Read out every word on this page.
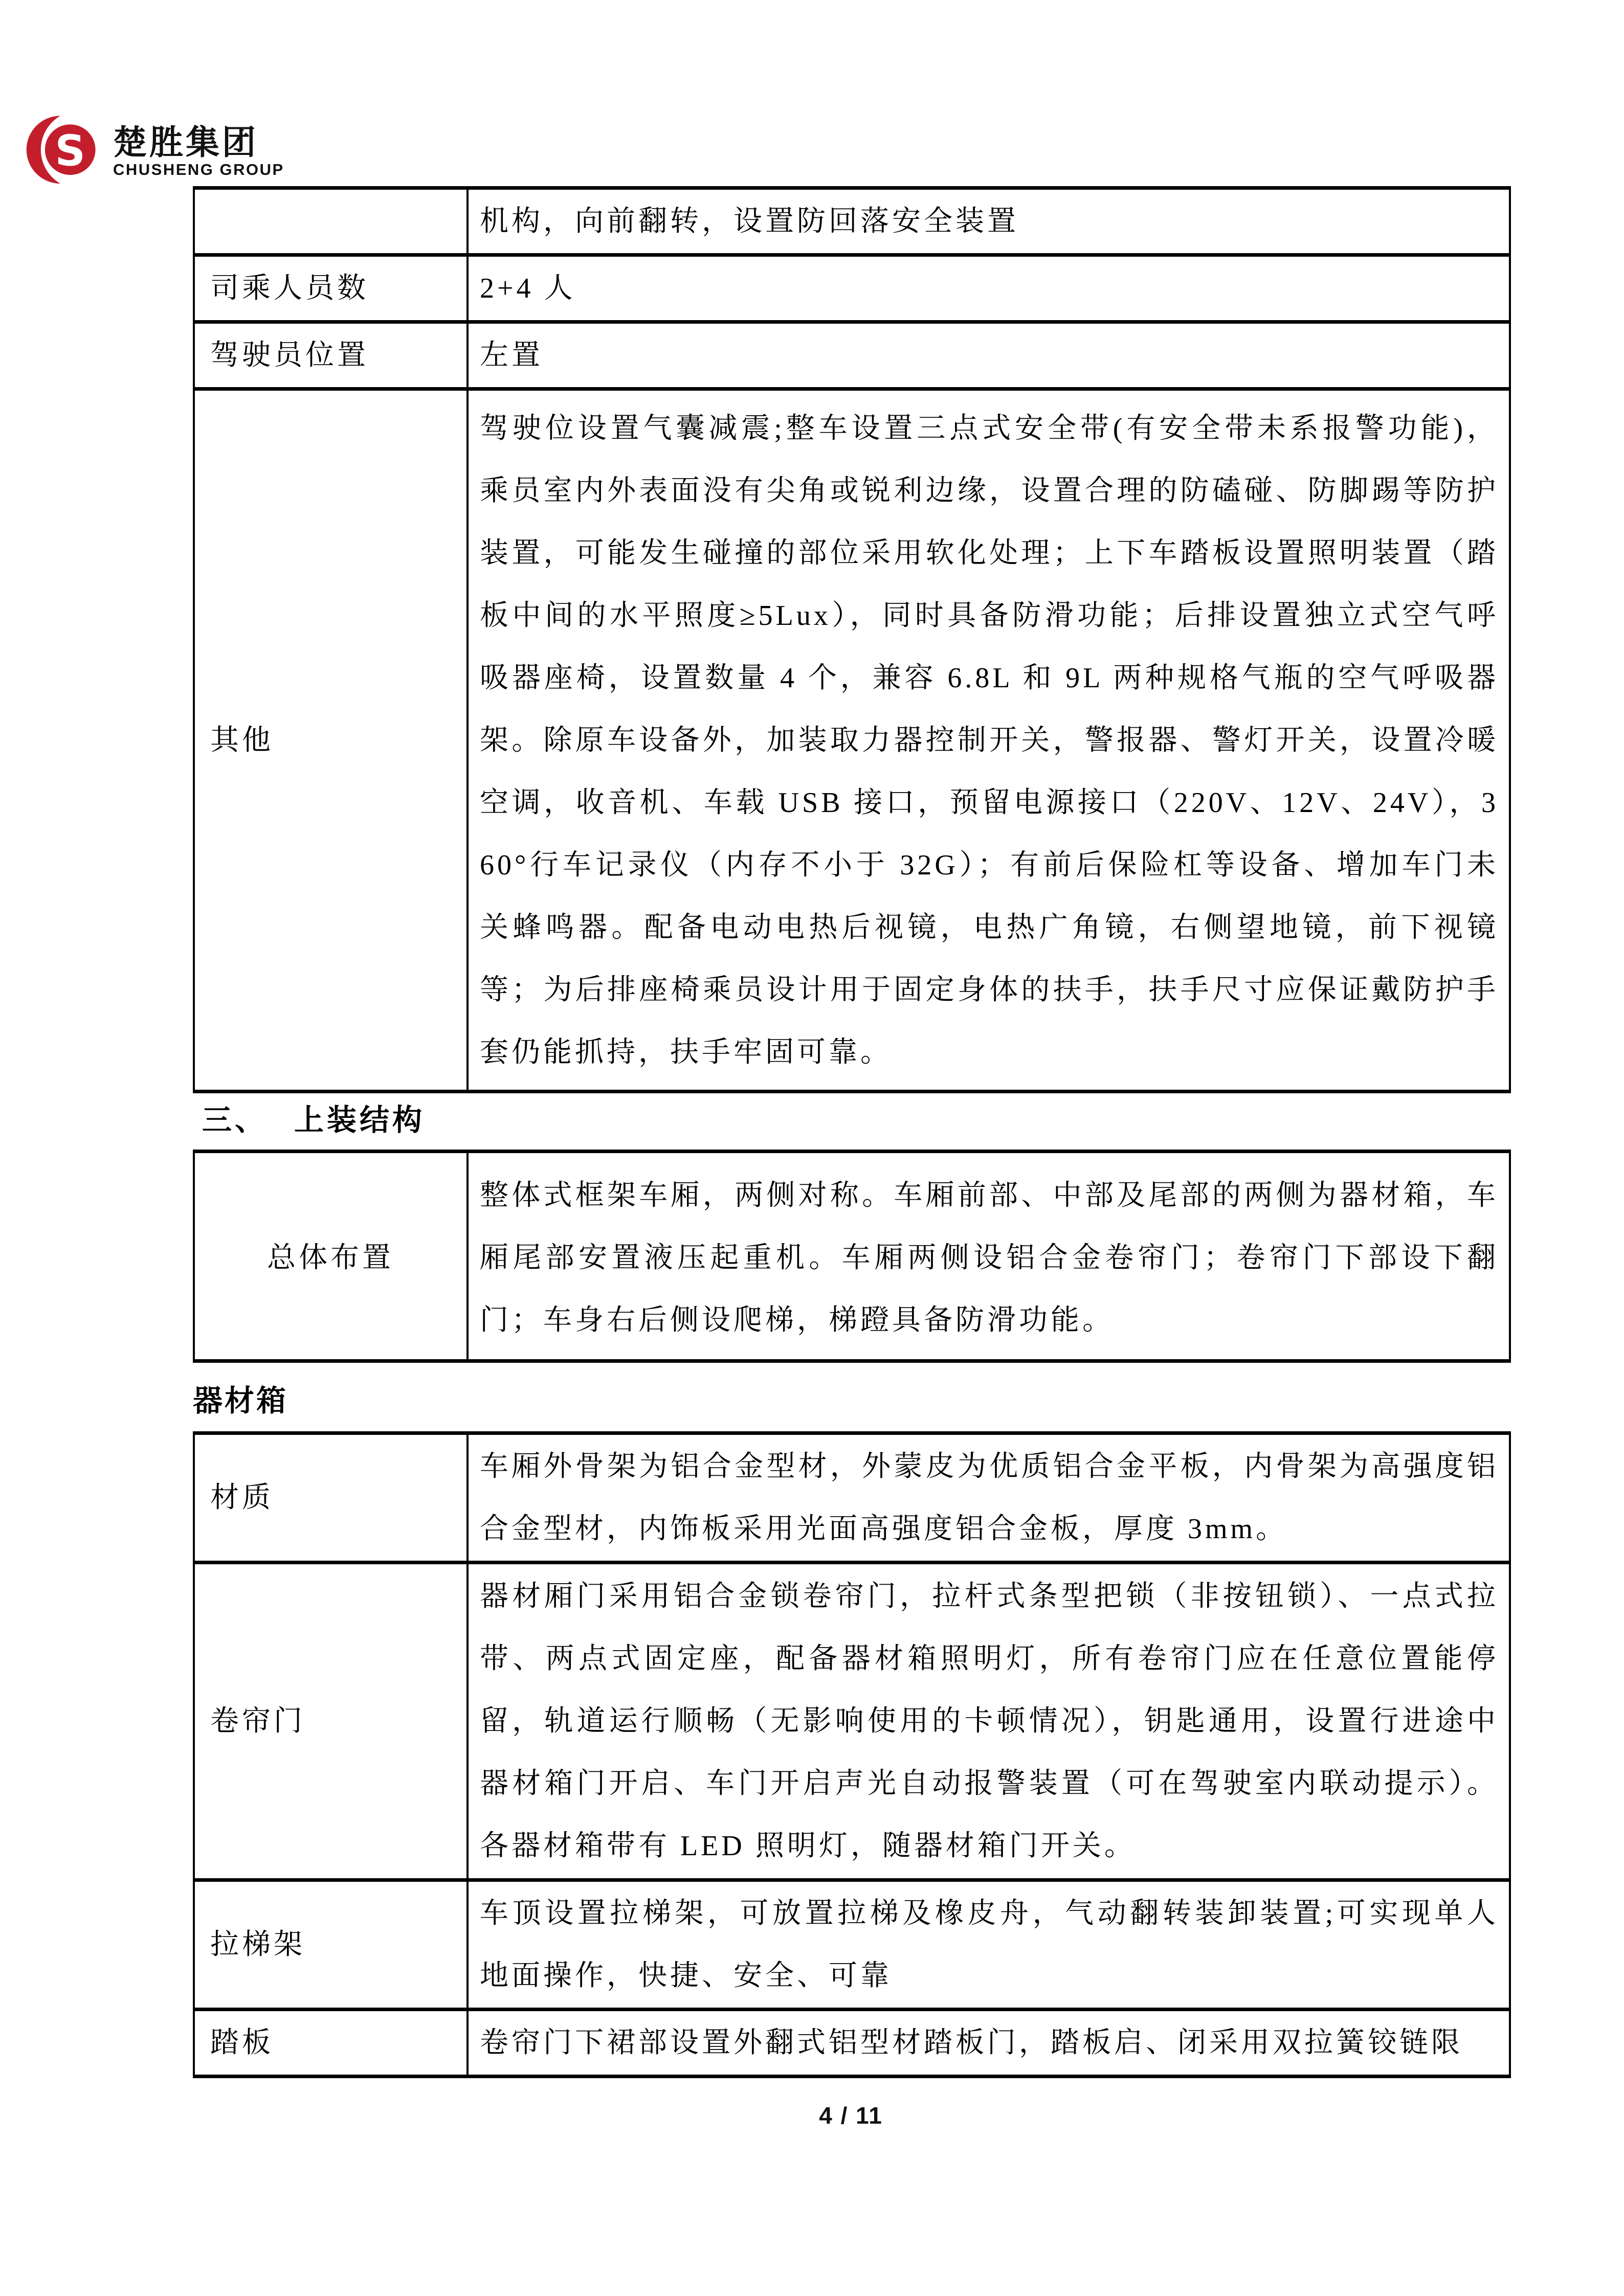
S 楚胜集团
CHUSHENG GROUP
	机构，向前翻转，设置防回落安全装置
司乘人员数	2+4 人
驾驶员位置	左置
其他	驾驶位设置气囊减震;整车设置三点式安全带(有安全带未系报警功能)，乘员室内外表面没有尖角或锐利边缘，设置合理的防磕碰、防脚踢等防护装置，可能发生碰撞的部位采用软化处理；上下车踏板设置照明装置（踏板中间的水平照度≥5Lux），同时具备防滑功能；后排设置独立式空气呼吸器座椅，设置数量 4 个，兼容 6.8L 和 9L 两种规格气瓶的空气呼吸器架。除原车设备外，加装取力器控制开关，警报器、警灯开关，设置冷暖空调，收音机、车载 USB 接口，预留电源接口（220V、12V、24V），360°行车记录仪（内存不小于 32G）；有前后保险杠等设备、增加车门未关蜂鸣器。配备电动电热后视镜，电热广角镜，右侧望地镜，前下视镜等；为后排座椅乘员设计用于固定身体的扶手，扶手尺寸应保证戴防护手套仍能抓持，扶手牢固可靠。
三、 上装结构
总体布置	整体式框架车厢，两侧对称。车厢前部、中部及尾部的两侧为器材箱，车厢尾部安置液压起重机。车厢两侧设铝合金卷帘门；卷帘门下部设下翻门；车身右后侧设爬梯，梯蹬具备防滑功能。
器材箱
材质	车厢外骨架为铝合金型材，外蒙皮为优质铝合金平板，内骨架为高强度铝合金型材，内饰板采用光面高强度铝合金板，厚度 3mm。
卷帘门	器材厢门采用铝合金锁卷帘门，拉杆式条型把锁（非按钮锁）、一点式拉带、两点式固定座，配备器材箱照明灯，所有卷帘门应在任意位置能停留，轨道运行顺畅（无影响使用的卡顿情况），钥匙通用，设置行进途中器材箱门开启、车门开启声光自动报警装置（可在驾驶室内联动提示）。各器材箱带有 LED 照明灯，随器材箱门开关。
拉梯架	车顶设置拉梯架，可放置拉梯及橡皮舟，气动翻转装卸装置;可实现单人地面操作，快捷、安全、可靠
踏板	卷帘门下裙部设置外翻式铝型材踏板门，踏板启、闭采用双拉簧铰链限
4 / 11
